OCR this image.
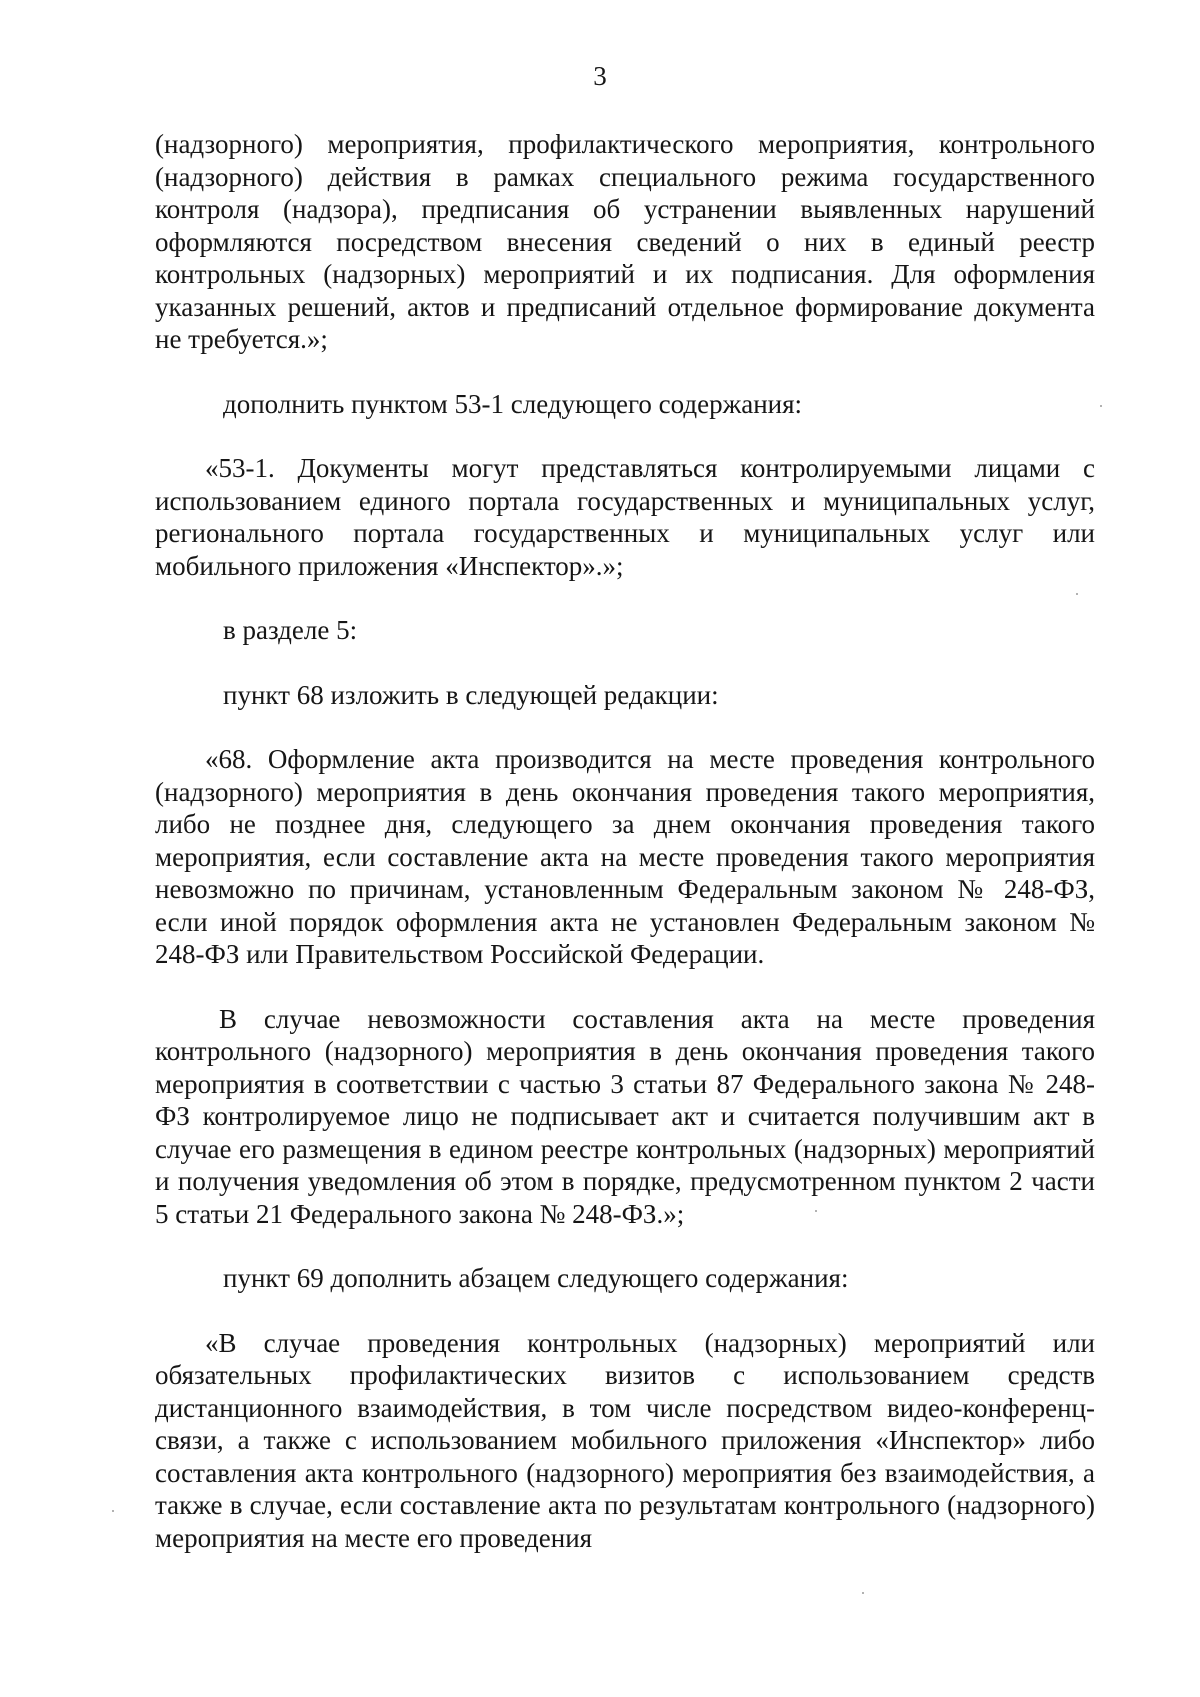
3

(надзорного) мероприятия, профилактического мероприятия, контрольного (надзорного) действия в рамках специального режима государственного контроля (надзора), предписания об устранении выявленных нарушений оформляются посредством внесения сведений о них в единый реестр контрольных (надзорных) мероприятий и их подписания. Для оформления указанных решений, актов и предписаний отдельное формирование документа не требуется.»;

дополнить пунктом 53-1 следующего содержания:

«53-1. Документы могут представляться контролируемыми лицами с использованием единого портала государственных и муниципальных услуг, регионального портала государственных и муниципальных услуг или мобильного приложения «Инспектор».»;

в разделе 5:

пункт 68 изложить в следующей редакции:

«68. Оформление акта производится на месте проведения контрольного (надзорного) мероприятия в день окончания проведения такого мероприятия, либо не позднее дня, следующего за днем окончания проведения такого мероприятия, если составление акта на месте проведения такого мероприятия невозможно по причинам, установленным Федеральным законом № 248-ФЗ, если иной порядок оформления акта не установлен Федеральным законом № 248-ФЗ или Правительством Российской Федерации.

В случае невозможности составления акта на месте проведения контрольного (надзорного) мероприятия в день окончания проведения такого мероприятия в соответствии с частью 3 статьи 87 Федерального закона № 248-ФЗ контролируемое лицо не подписывает акт и считается получившим акт в случае его размещения в едином реестре контрольных (надзорных) мероприятий и получения уведомления об этом в порядке, предусмотренном пунктом 2 части 5 статьи 21 Федерального закона № 248-ФЗ.»;

пункт 69 дополнить абзацем следующего содержания:

«В случае проведения контрольных (надзорных) мероприятий или обязательных профилактических визитов с использованием средств дистанционного взаимодействия, в том числе посредством видео-конференц-связи, а также с использованием мобильного приложения «Инспектор» либо составления акта контрольного (надзорного) мероприятия без взаимодействия, а также в случае, если составление акта по результатам контрольного (надзорного) мероприятия на месте его проведения
